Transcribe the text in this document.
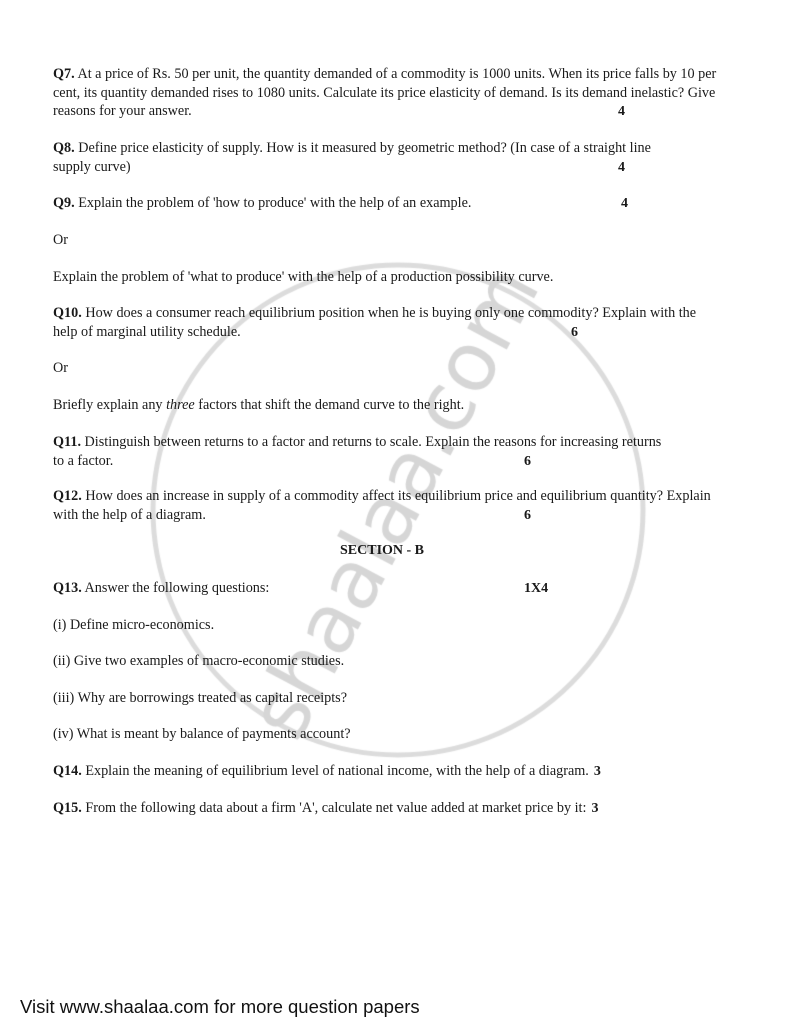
Q7. At a price of Rs. 50 per unit, the quantity demanded of a commodity is 1000 units. When its price falls by 10 per cent, its quantity demanded rises to 1080 units. Calculate its price elasticity of demand. Is its demand inelastic? Give reasons for your answer.	4
Q8. Define price elasticity of supply. How is it measured by geometric method? (In case of a straight line supply curve)	4
Q9. Explain the problem of 'how to produce' with the help of an example.	4
Or
Explain the problem of 'what to produce' with the help of a production possibility curve.
Q10. How does a consumer reach equilibrium position when he is buying only one commodity? Explain with the help of marginal utility schedule.	6
Or
Briefly explain any three factors that shift the demand curve to the right.
Q11. Distinguish between returns to a factor and returns to scale. Explain the reasons for increasing returns to a factor.	6
Q12. How does an increase in supply of a commodity affect its equilibrium price and equilibrium quantity? Explain with the help of a diagram.	6
SECTION - B
Q13. Answer the following questions:	1X4
(i) Define micro-economics.
(ii) Give two examples of macro-economic studies.
(iii) Why are borrowings treated as capital receipts?
(iv) What is meant by balance of payments account?
Q14. Explain the meaning of equilibrium level of national income, with the help of a diagram. 3
Q15. From the following data about a firm 'A', calculate net value added at market price by it: 3
Visit www.shaalaa.com for more question papers
